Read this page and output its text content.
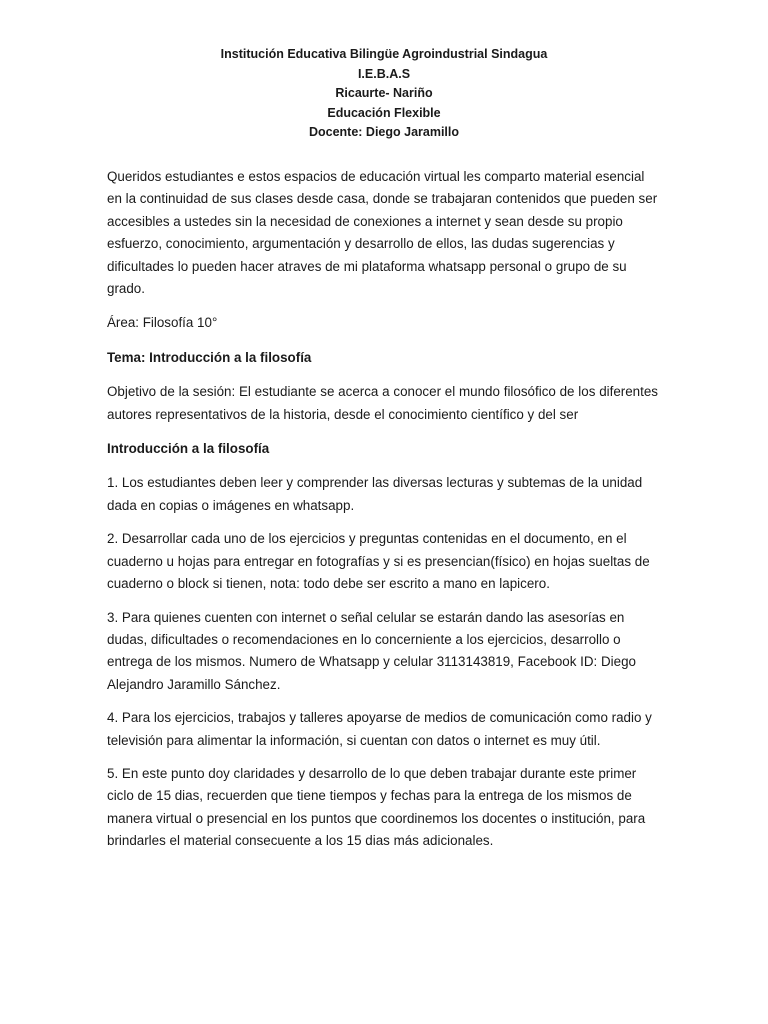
Institución Educativa Bilingüe Agroindustrial Sindagua
I.E.B.A.S
Ricaurte- Nariño
Educación Flexible
Docente: Diego Jaramillo

Queridos estudiantes e estos espacios de educación virtual les comparto material esencial en la continuidad de sus clases desde casa, donde se trabajaran contenidos que pueden ser accesibles a ustedes sin la necesidad de conexiones a internet y sean desde su propio esfuerzo, conocimiento, argumentación y desarrollo de ellos, las dudas sugerencias y dificultades lo pueden hacer atraves de mi plataforma whatsapp personal o grupo de su grado.

Área: Filosofía 10°

Tema: Introducción a la filosofía

Objetivo de la sesión: El estudiante se acerca a conocer el mundo filosófico de los diferentes autores representativos de la historia, desde el conocimiento científico y del ser

Introducción a la filosofía

1. Los estudiantes deben leer y comprender las diversas lecturas y subtemas de la unidad dada en copias o imágenes en whatsapp.

2. Desarrollar cada uno de los ejercicios y preguntas contenidas en el documento, en el cuaderno u hojas para entregar en fotografías y si es presencian(físico) en hojas sueltas de cuaderno o block si tienen, nota: todo debe ser escrito a mano en lapicero.

3. Para quienes cuenten con internet o señal celular se estarán dando las asesorías en dudas, dificultades o recomendaciones en lo concerniente a los ejercicios, desarrollo o entrega de los mismos. Numero de Whatsapp y celular 3113143819, Facebook ID: Diego Alejandro Jaramillo Sánchez.

4. Para los ejercicios, trabajos y talleres apoyarse de medios de comunicación como radio y televisión para alimentar la información, si cuentan con datos o internet es muy útil.

5. En este punto doy claridades y desarrollo de lo que deben trabajar durante este primer ciclo de 15 dias, recuerden que tiene tiempos y fechas para la entrega de los mismos de manera virtual o presencial en los puntos que coordinemos los docentes o institución, para brindarles el material consecuente a los 15 dias más adicionales.
